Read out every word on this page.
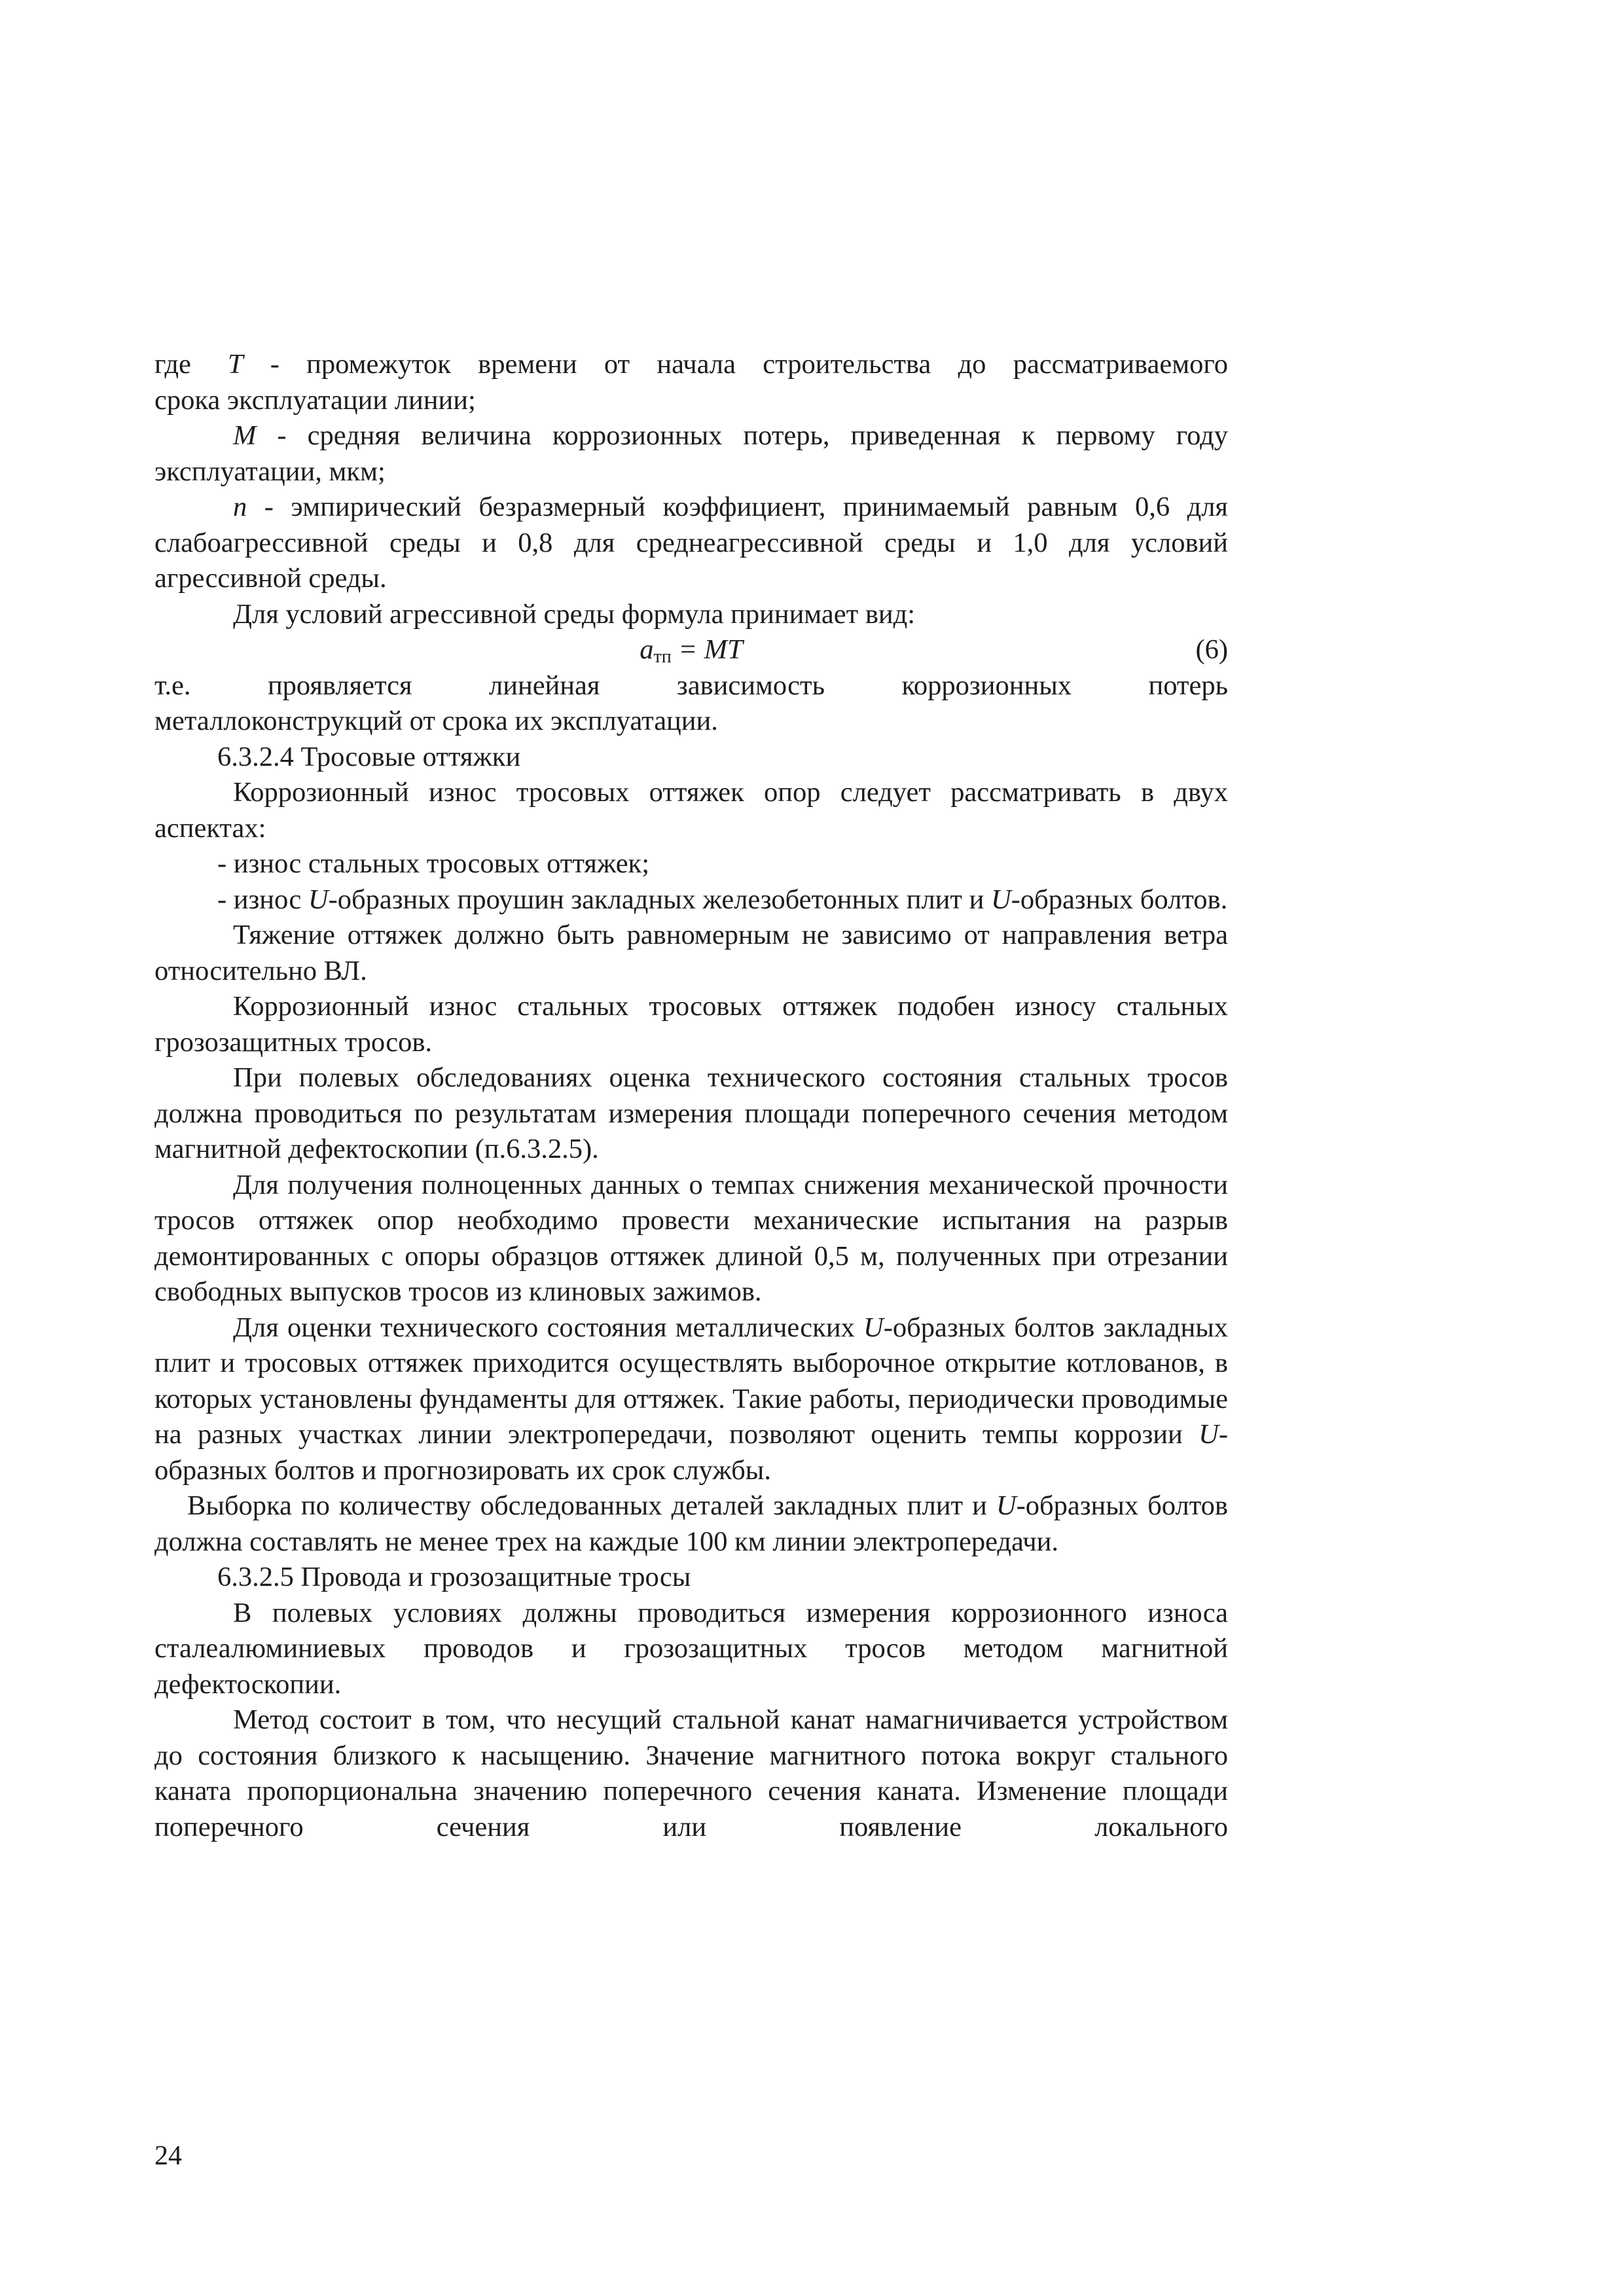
где T - промежуток времени от начала строительства до рассматриваемого

срока эксплуатации линии;

M - средняя величина коррозионных потерь, приведенная к первому году эксплуатации, мкм;

n - эмпирический безразмерный коэффициент, принимаемый равным 0,6 для слабоагрессивной среды и 0,8 для среднеагрессивной среды и 1,0 для условий агрессивной среды.

Для условий агрессивной среды формула принимает вид:

$a_{тп}$ = MT	(6)
т.е.	проявляется	линейная	зависимость	коррозионных	потерь

металлоконструкций от срока их эксплуатации.

6.3.2.4 Тросовые оттяжки

Коррозионный износ тросовых оттяжек опор следует рассматривать в двух аспектах:

- износ стальных тросовых оттяжек;

- износ U-образных проушин закладных железобетонных плит и U-образных болтов.

Тяжение оттяжек должно быть равномерным не зависимо от направления ветра относительно ВЛ.

Коррозионный износ стальных тросовых оттяжек подобен износу стальных грозозащитных тросов.

При полевых обследованиях оценка технического состояния стальных тросов должна проводиться по результатам измерения площади поперечного сечения методом магнитной дефектоскопии (п.6.3.2.5).

Для получения полноценных данных о темпах снижения механической прочности тросов оттяжек опор необходимо провести механические испытания на разрыв демонтированных с опоры образцов оттяжек длиной 0,5 м, полученных при отрезании свободных выпусков тросов из клиновых зажимов.

Для оценки технического состояния металлических U-образных болтов закладных плит и тросовых оттяжек приходится осуществлять выборочное открытие котлованов, в которых установлены фундаменты для оттяжек. Такие работы, периодически проводимые на разных участках линии электропередачи, позволяют оценить темпы коррозии U-образных болтов и прогнозировать их срок службы.

Выборка по количеству обследованных деталей закладных плит и U-образных болтов должна составлять не менее трех на каждые 100 км линии электропередачи.

6.3.2.5 Провода и грозозащитные тросы

В полевых условиях должны проводиться измерения коррозионного износа сталеалюминиевых проводов и грозозащитных тросов методом магнитной дефектоскопии.

Метод состоит в том, что несущий стальной канат намагничивается устройством до состояния близкого к насыщению. Значение магнитного потока вокруг стального каната пропорциональна значению поперечного сечения каната. Изменение площади поперечного сечения или появление локального

24
